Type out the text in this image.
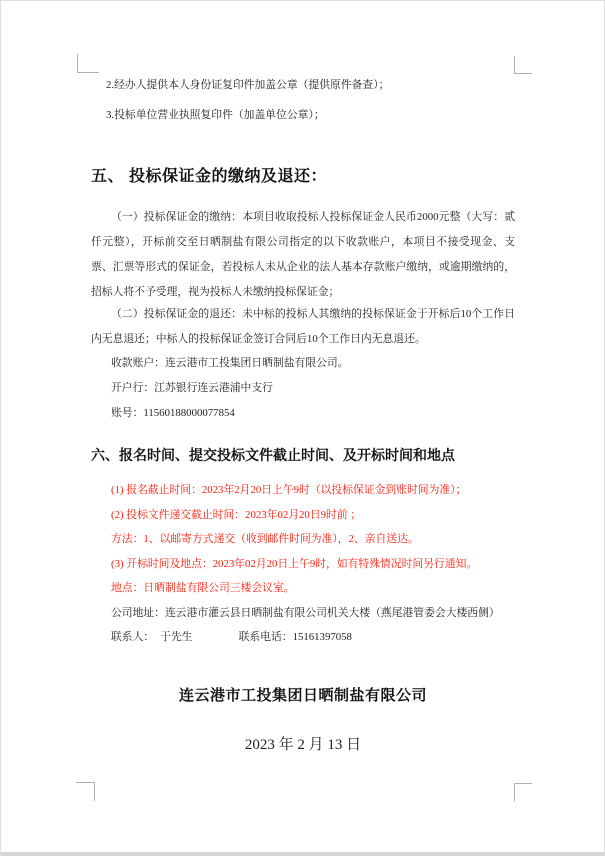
2.经办人提供本人身份证复印件加盖公章（提供原件备查）；
3.投标单位营业执照复印件（加盖单位公章）；
五、 投标保证金的缴纳及退还：

（一）投标保证金的缴纳：本项目收取投标人投标保证金人民币2000元整（大写：贰仟元整），开标前交至日晒制盐有限公司指定的以下收款账户，本项目不接受现金、支票、汇票等形式的保证金，若投标人未从企业的法人基本存款账户缴纳，或逾期缴纳的，招标人将不予受理，视为投标人未缴纳投标保证金；

（二）投标保证金的退还：未中标的投标人其缴纳的投标保证金于开标后10个工作日内无息退还；中标人的投标保证金签订合同后10个工作日内无息退还。

收款账户：连云港市工投集团日晒制盐有限公司。
开户行：江苏银行连云港浦中支行
账号：11560188000077854
六、报名时间、提交投标文件截止时间、及开标时间和地点
(1) 报名截止时间：2023年2月20日上午9时（以投标保证金到账时间为准）；
(2) 投标文件递交截止时间：2023年02月20日9时前 ；
方法：1、以邮寄方式递交（收到邮件时间为准），2、亲自送达。
(3) 开标时间及地点：2023年02月20日上午9时，如有特殊情况时间另行通知。
地点：日晒制盐有限公司三楼会议室。
公司地址：连云港市灌云县日晒制盐有限公司机关大楼（燕尾港管委会大楼西侧）
联系人： 于先生	联系电话：15161397058
连云港市工投集团日晒制盐有限公司
2023 年 2 月 13 日
